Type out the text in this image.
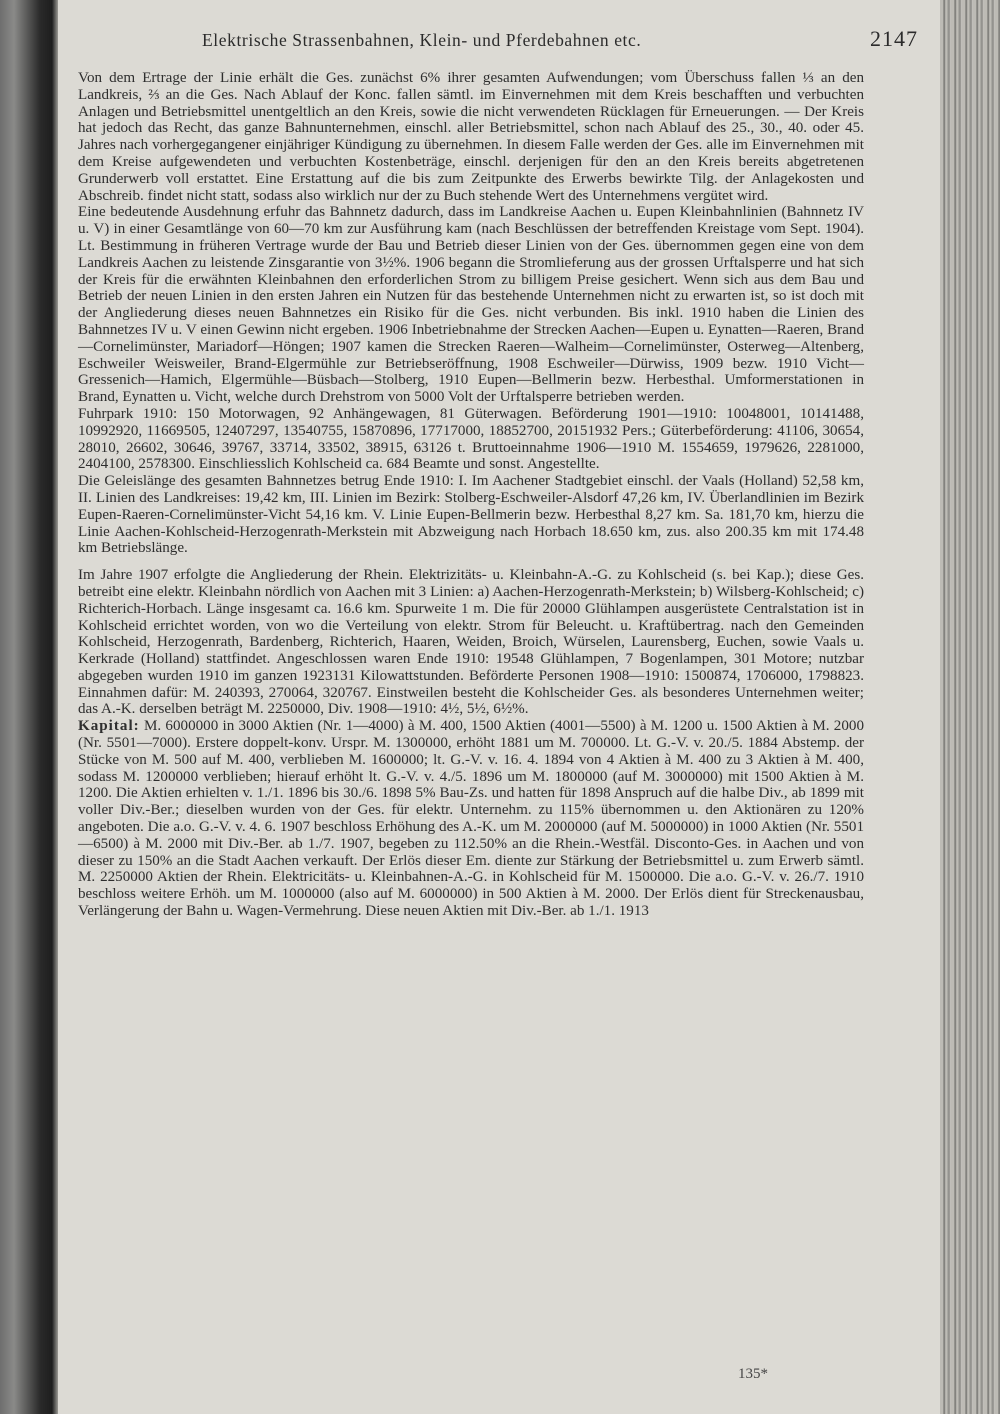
Elektrische Strassenbahnen, Klein- und Pferdebahnen etc.	2147

Von dem Ertrage der Linie erhält die Ges. zunächst 6% ihrer gesamten Aufwendungen; vom Überschuss fallen ⅓ an den Landkreis, ⅔ an die Ges. Nach Ablauf der Konc. fallen sämtl. im Einvernehmen mit dem Kreis beschafften und verbuchten Anlagen und Betriebsmittel unentgeltlich an den Kreis, sowie die nicht verwendeten Rücklagen für Erneuerungen. — Der Kreis hat jedoch das Recht, das ganze Bahnunternehmen, einschl. aller Betriebsmittel, schon nach Ablauf des 25., 30., 40. oder 45. Jahres nach vorhergegangener einjähriger Kündigung zu übernehmen. In diesem Falle werden der Ges. alle im Einvernehmen mit dem Kreise aufgewendeten und verbuchten Kostenbeträge, einschl. derjenigen für den an den Kreis bereits abgetretenen Grunderwerb voll erstattet. Eine Erstattung auf die bis zum Zeitpunkte des Erwerbs bewirkte Tilg. der Anlagekosten und Abschreib. findet nicht statt, sodass also wirklich nur der zu Buch stehende Wert des Unternehmens vergütet wird.

Eine bedeutende Ausdehnung erfuhr das Bahnnetz dadurch, dass im Landkreise Aachen u. Eupen Kleinbahnlinien (Bahnnetz IV u. V) in einer Gesamtlänge von 60—70 km zur Ausführung kam (nach Beschlüssen der betreffenden Kreistage vom Sept. 1904). Lt. Bestimmung in früheren Vertrage wurde der Bau und Betrieb dieser Linien von der Ges. übernommen gegen eine von dem Landkreis Aachen zu leistende Zinsgarantie von 3½%. 1906 begann die Stromlieferung aus der grossen Urftalsperre und hat sich der Kreis für die erwähnten Kleinbahnen den erforderlichen Strom zu billigem Preise gesichert. Wenn sich aus dem Bau und Betrieb der neuen Linien in den ersten Jahren ein Nutzen für das bestehende Unternehmen nicht zu erwarten ist, so ist doch mit der Angliederung dieses neuen Bahnnetzes ein Risiko für die Ges. nicht verbunden. Bis inkl. 1910 haben die Linien des Bahnnetzes IV u. V einen Gewinn nicht ergeben. 1906 Inbetriebnahme der Strecken Aachen—Eupen u. Eynatten—Raeren, Brand—Cornelimünster, Mariadorf—Höngen; 1907 kamen die Strecken Raeren—Walheim—Cornelimünster, Osterweg—Altenberg, Eschweiler Weisweiler, Brand-Elgermühle zur Betriebseröffnung, 1908 Eschweiler—Dürwiss, 1909 bezw. 1910 Vicht—Gressenich—Hamich, Elgermühle—Büsbach—Stolberg, 1910 Eupen—Bellmerin bezw. Herbesthal. Umformerstationen in Brand, Eynatten u. Vicht, welche durch Drehstrom von 5000 Volt der Urftalsperre betrieben werden.

Fuhrpark 1910: 150 Motorwagen, 92 Anhängewagen, 81 Güterwagen. Beförderung 1901—1910: 10048001, 10141488, 10992920, 11669505, 12407297, 13540755, 15870896, 17717000, 18852700, 20151932 Pers.; Güterbeförderung: 41106, 30654, 28010, 26602, 30646, 39767, 33714, 33502, 38915, 63126 t. Bruttoeinnahme 1906—1910 M. 1554659, 1979626, 2281000, 2404100, 2578300. Einschliesslich Kohlscheid ca. 684 Beamte und sonst. Angestellte.

Die Geleislänge des gesamten Bahnnetzes betrug Ende 1910: I. Im Aachener Stadtgebiet einschl. der Vaals (Holland) 52,58 km, II. Linien des Landkreises: 19,42 km, III. Linien im Bezirk: Stolberg-Eschweiler-Alsdorf 47,26 km, IV. Überlandlinien im Bezirk Eupen-Raeren-Cornelimünster-Vicht 54,16 km. V. Linie Eupen-Bellmerin bezw. Herbesthal 8,27 km. Sa. 181,70 km, hierzu die Linie Aachen-Kohlscheid-Herzogenrath-Merkstein mit Abzweigung nach Horbach 18.650 km, zus. also 200.35 km mit 174.48 km Betriebslänge.

Im Jahre 1907 erfolgte die Angliederung der Rhein. Elektrizitäts- u. Kleinbahn-A.-G. zu Kohlscheid (s. bei Kap.); diese Ges. betreibt eine elektr. Kleinbahn nördlich von Aachen mit 3 Linien: a) Aachen-Herzogenrath-Merkstein; b) Wilsberg-Kohlscheid; c) Richterich-Horbach. Länge insgesamt ca. 16.6 km. Spurweite 1 m. Die für 20000 Glühlampen ausgerüstete Centralstation ist in Kohlscheid errichtet worden, von wo die Verteilung von elektr. Strom für Beleucht. u. Kraftübertrag. nach den Gemeinden Kohlscheid, Herzogenrath, Bardenberg, Richterich, Haaren, Weiden, Broich, Würselen, Laurensberg, Euchen, sowie Vaals u. Kerkrade (Holland) stattfindet. Angeschlossen waren Ende 1910: 19548 Glühlampen, 7 Bogenlampen, 301 Motore; nutzbar abgegeben wurden 1910 im ganzen 1923131 Kilowattstunden. Beförderte Personen 1908—1910: 1500874, 1706000, 1798823. Einnahmen dafür: M. 240393, 270064, 320767. Einstweilen besteht die Kohlscheider Ges. als besonderes Unternehmen weiter; das A.-K. derselben beträgt M. 2250000, Div. 1908—1910: 4½, 5½, 6½%.

Kapital: M. 6000000 in 3000 Aktien (Nr. 1—4000) à M. 400, 1500 Aktien (4001—5500) à M. 1200 u. 1500 Aktien à M. 2000 (Nr. 5501—7000). Erstere doppelt-konv. Urspr. M. 1300000, erhöht 1881 um M. 700000. Lt. G.-V. v. 20./5. 1884 Abstemp. der Stücke von M. 500 auf M. 400, verblieben M. 1600000; lt. G.-V. v. 16. 4. 1894 von 4 Aktien à M. 400 zu 3 Aktien à M. 400, sodass M. 1200000 verblieben; hierauf erhöht lt. G.-V. v. 4./5. 1896 um M. 1800000 (auf M. 3000000) mit 1500 Aktien à M. 1200. Die Aktien erhielten v. 1./1. 1896 bis 30./6. 1898 5% Bau-Zs. und hatten für 1898 Anspruch auf die halbe Div., ab 1899 mit voller Div.-Ber.; dieselben wurden von der Ges. für elektr. Unternehm. zu 115% übernommen u. den Aktionären zu 120% angeboten. Die a.o. G.-V. v. 4. 6. 1907 beschloss Erhöhung des A.-K. um M. 2000000 (auf M. 5000000) in 1000 Aktien (Nr. 5501—6500) à M. 2000 mit Div.-Ber. ab 1./7. 1907, begeben zu 112.50% an die Rhein.-Westfäl. Disconto-Ges. in Aachen und von dieser zu 150% an die Stadt Aachen verkauft. Der Erlös dieser Em. diente zur Stärkung der Betriebsmittel u. zum Erwerb sämtl. M. 2250000 Aktien der Rhein. Elektricitäts- u. Kleinbahnen-A.-G. in Kohlscheid für M. 1500000. Die a.o. G.-V. v. 26./7. 1910 beschloss weitere Erhöh. um M. 1000000 (also auf M. 6000000) in 500 Aktien à M. 2000. Der Erlös dient für Streckenausbau, Verlängerung der Bahn u. Wagen-Vermehrung. Diese neuen Aktien mit Div.-Ber. ab 1./1. 1913

135*
